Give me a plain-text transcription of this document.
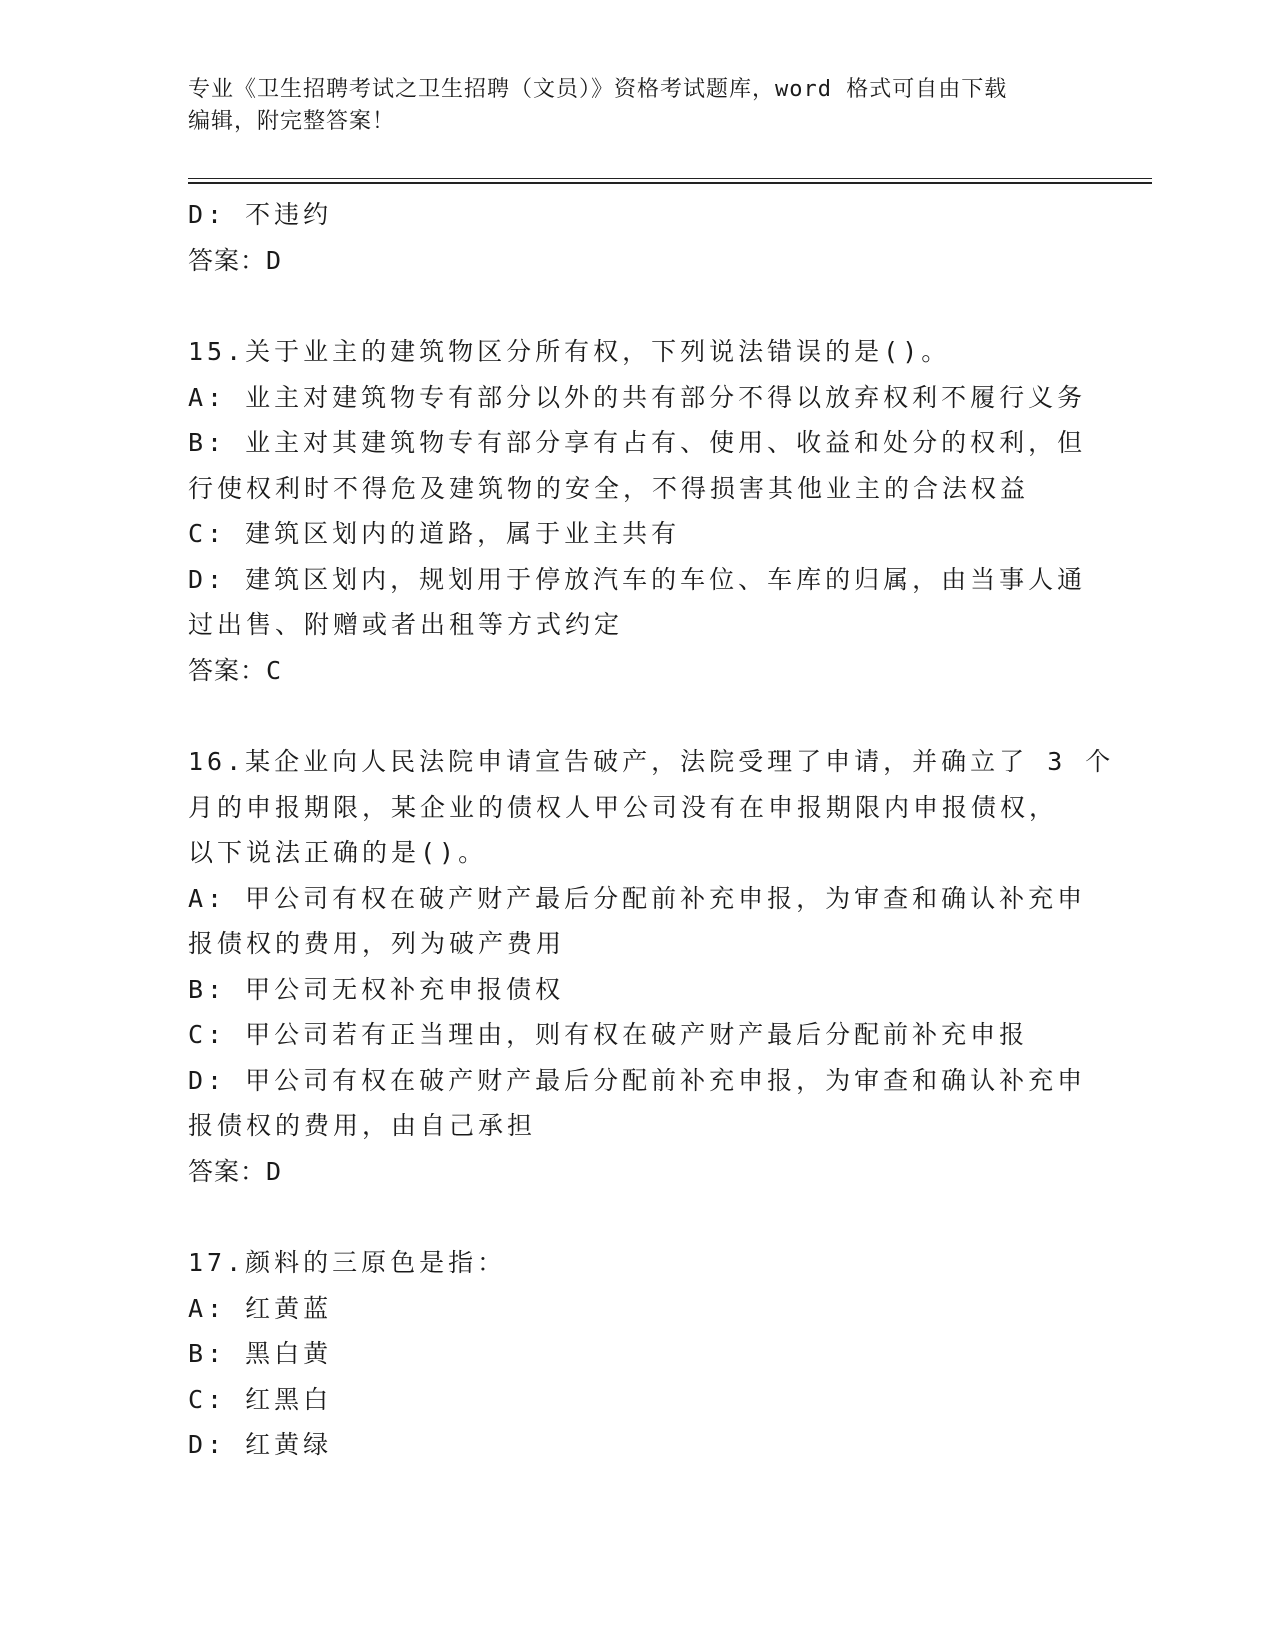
专业《卫生招聘考试之卫生招聘（文员）》资格考试题库，word 格式可自由下载
编辑，附完整答案！
D: 不违约
答案：D
15.关于业主的建筑物区分所有权，下列说法错误的是()。
A: 业主对建筑物专有部分以外的共有部分不得以放弃权利不履行义务
B: 业主对其建筑物专有部分享有占有、使用、收益和处分的权利，但
行使权利时不得危及建筑物的安全，不得损害其他业主的合法权益
C: 建筑区划内的道路，属于业主共有
D: 建筑区划内，规划用于停放汽车的车位、车库的归属，由当事人通
过出售、附赠或者出租等方式约定
答案：C
16.某企业向人民法院申请宣告破产，法院受理了申请，并确立了 3 个
月的申报期限，某企业的债权人甲公司没有在申报期限内申报债权，
以下说法正确的是()。
A: 甲公司有权在破产财产最后分配前补充申报，为审查和确认补充申
报债权的费用，列为破产费用
B: 甲公司无权补充申报债权
C: 甲公司若有正当理由，则有权在破产财产最后分配前补充申报
D: 甲公司有权在破产财产最后分配前补充申报，为审查和确认补充申
报债权的费用，由自己承担
答案：D
17.颜料的三原色是指：
A: 红黄蓝
B: 黑白黄
C: 红黑白
D: 红黄绿
